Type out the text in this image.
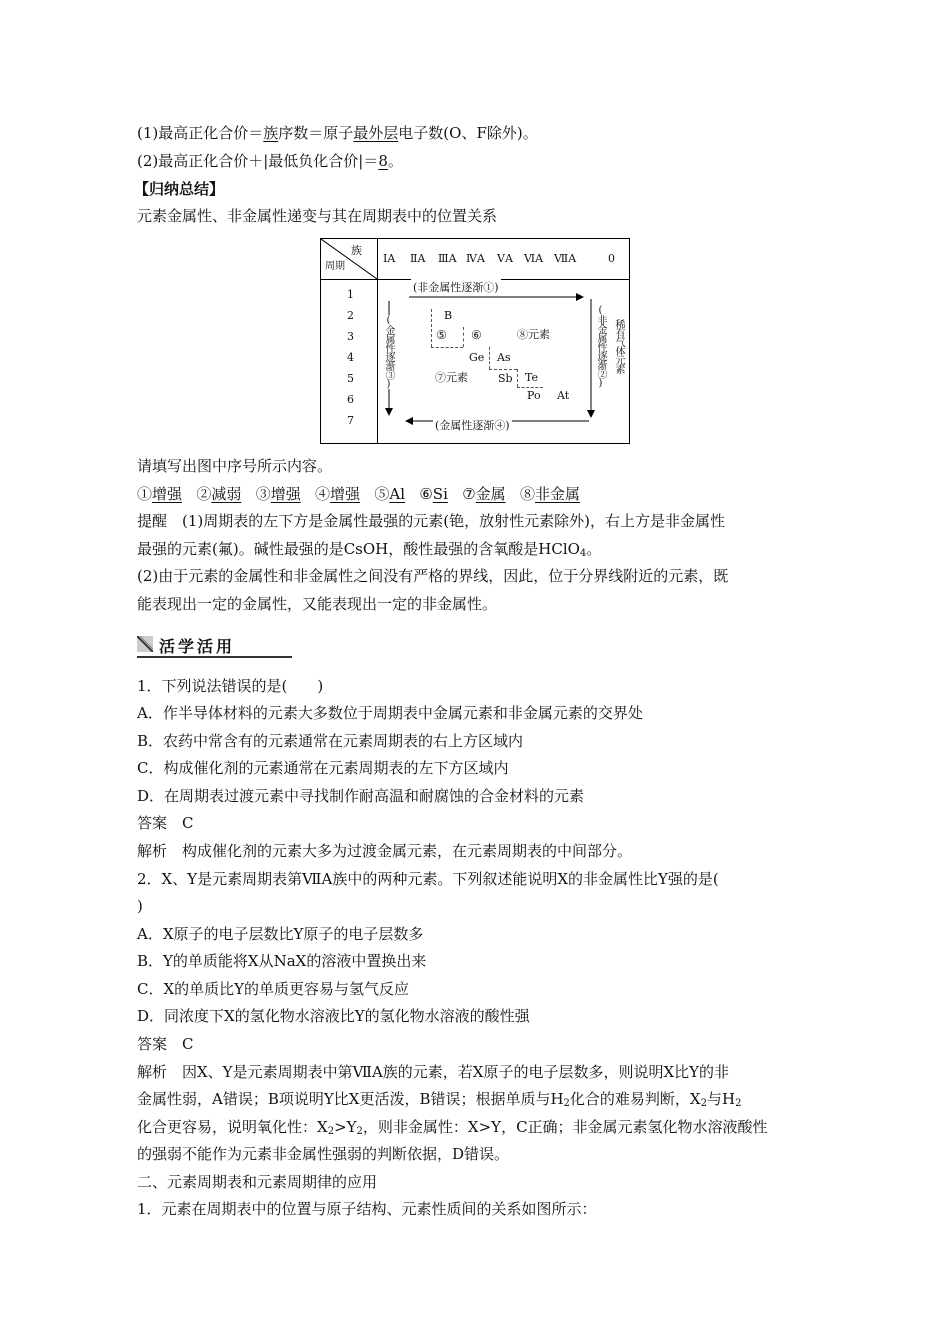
(1)最高正化合价＝族序数＝原子最外层电子数(O、F除外)。
(2)最高正化合价＋|最低负化合价|＝8。
【归纳总结】
元素金属性、非金属性递变与其在周期表中的位置关系
族
周期
ⅠA ⅡA ⅢA ⅣA ⅤA ⅥA ⅦA	0
1
2
3
4
5
6
7
(非金属性逐渐①)
(金属性逐渐④)
(金属性逐渐③)	(非金属性逐渐②) 稀有气体元素
B
⑤ ⑥	⑧元素
Ge As
⑦元素	Sb Te
Po At
请填写出图中序号所示内容。
①增强 ②减弱 ③增强 ④增强 ⑤Al ⑥Si ⑦金属 ⑧非金属
提醒　(1)周期表的左下方是金属性最强的元素(铯，放射性元素除外)，右上方是非金属性
最强的元素(氟)。碱性最强的是CsOH，酸性最强的含氧酸是HClO$_4$。
(2)由于元素的金属性和非金属性之间没有严格的界线，因此，位于分界线附近的元素，既
能表现出一定的金属性，又能表现出一定的非金属性。
活学活用
1．下列说法错误的是(　　)
A．作半导体材料的元素大多数位于周期表中金属元素和非金属元素的交界处
B．农药中常含有的元素通常在元素周期表的右上方区域内
C．构成催化剂的元素通常在元素周期表的左下方区域内
D．在周期表过渡元素中寻找制作耐高温和耐腐蚀的合金材料的元素
答案　C
解析　构成催化剂的元素大多为过渡金属元素，在元素周期表的中间部分。
2．X、Y是元素周期表第ⅦA族中的两种元素。下列叙述能说明X的非金属性比Y强的是(
)
A．X原子的电子层数比Y原子的电子层数多
B．Y的单质能将X从NaX的溶液中置换出来
C．X的单质比Y的单质更容易与氢气反应
D．同浓度下X的氢化物水溶液比Y的氢化物水溶液的酸性强
答案　C
解析　因X、Y是元素周期表中第ⅦA族的元素，若X原子的电子层数多，则说明X比Y的非
金属性弱，A错误；B项说明Y比X更活泼，B错误；根据单质与$H_2$化合的难易判断，$X_2$与$H_2$
化合更容易，说明氧化性：$X_2>Y_2$，则非金属性：X>Y，C正确；非金属元素氢化物水溶液酸性
的强弱不能作为元素非金属性强弱的判断依据，D错误。
二、元素周期表和元素周期律的应用
1．元素在周期表中的位置与原子结构、元素性质间的关系如图所示：
